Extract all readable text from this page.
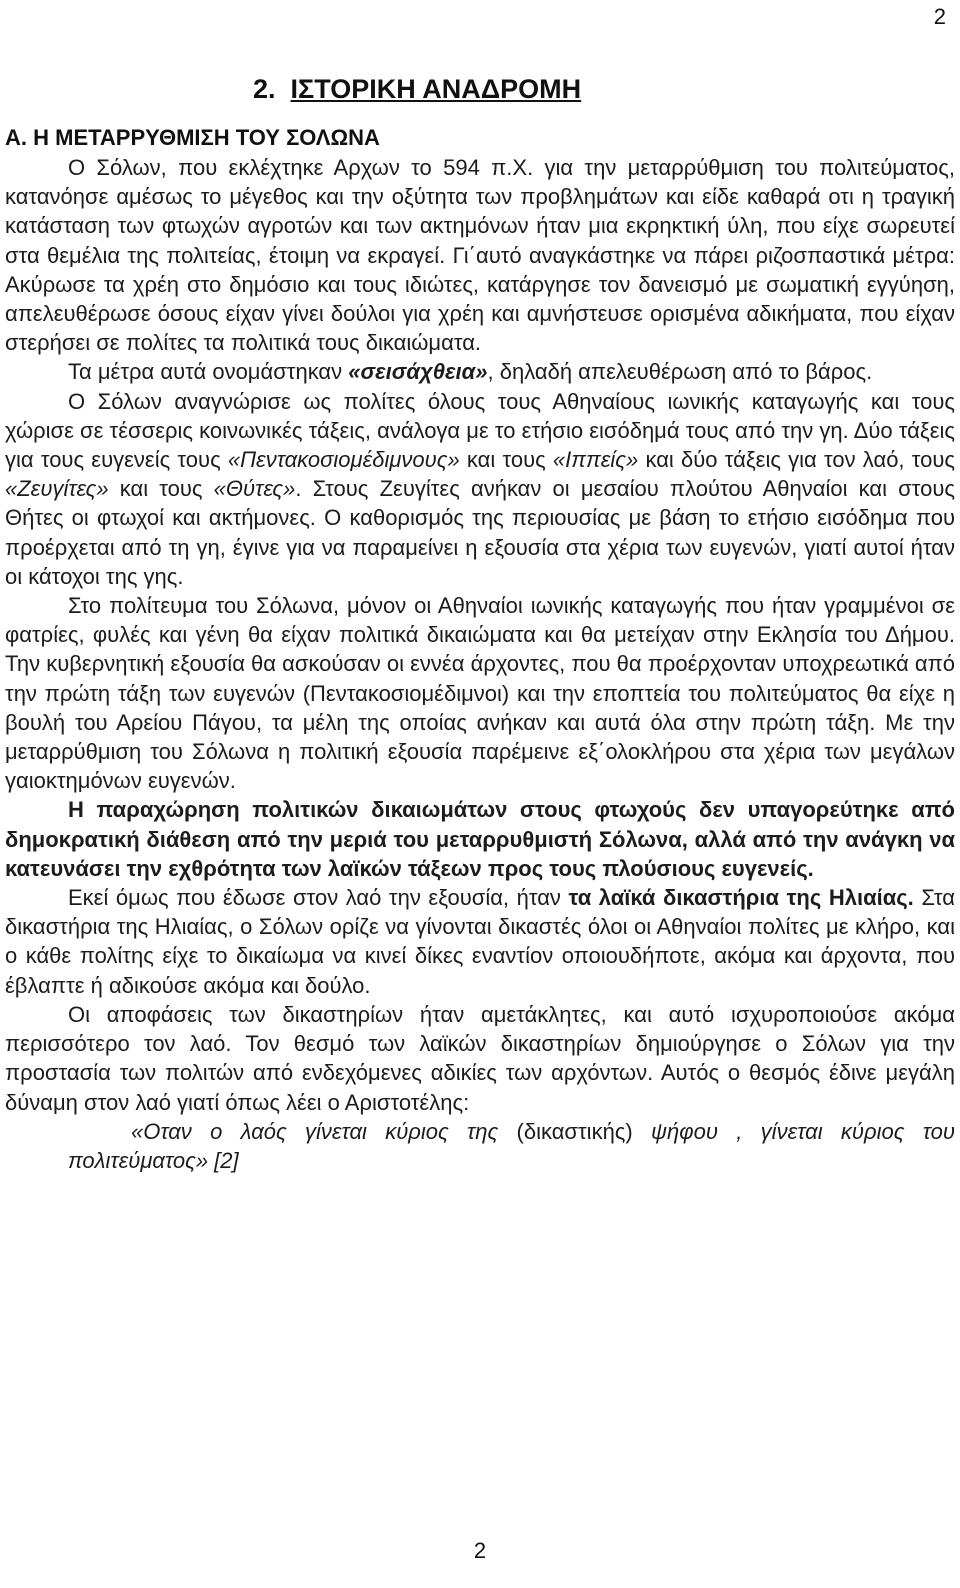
2
2. ΙΣΤΟΡΙΚΗ ΑΝΑΔΡΟΜΗ
Α. Η ΜΕΤΑΡΡΥΘΜΙΣΗ ΤΟΥ ΣΟΛΩΝΑ

Ο Σόλων, που εκλέχτηκε Αρχων το 594 π.Χ. για την μεταρρύθμιση του πολιτεύματος, κατανόησε αμέσως το μέγεθος και την οξύτητα των προβλημάτων και είδε καθαρά οτι η τραγική κατάσταση των φτωχών αγροτών και των ακτημόνων ήταν μια εκρηκτική ύλη, που είχε σωρευτεί στα θεμέλια της πολιτείας, έτοιμη να εκραγεί. Γι΄αυτό αναγκάστηκε να πάρει ριζοσπαστικά μέτρα: Ακύρωσε τα χρέη στο δημόσιο και τους ιδιώτες, κατάργησε τον δανεισμό με σωματική εγγύηση, απελευθέρωσε όσους είχαν γίνει δούλοι για χρέη και αμνήστευσε ορισμένα αδικήματα, που είχαν στερήσει σε πολίτες τα πολιτικά τους δικαιώματα.

Τα μέτρα αυτά ονομάστηκαν «σεισάχθεια», δηλαδή απελευθέρωση από το βάρος.

Ο Σόλων αναγνώρισε ως πολίτες όλους τους Αθηναίους ιωνικής καταγωγής και τους χώρισε σε τέσσερις κοινωνικές τάξεις, ανάλογα με το ετήσιο εισόδημά τους από την γη. Δύο τάξεις για τους ευγενείς τους «Πεντακοσιομέδιμνους» και τους «Ιππείς» και δύο τάξεις για τον λαό, τους «Ζευγίτες» και τους «Θύτες». Στους Ζευγίτες ανήκαν οι μεσαίου πλούτου Αθηναίοι και στους Θήτες οι φτωχοί και ακτήμονες. Ο καθορισμός της περιουσίας με βάση το ετήσιο εισόδημα που προέρχεται από τη γη, έγινε για να παραμείνει η εξουσία στα χέρια των ευγενών, γιατί αυτοί ήταν οι κάτοχοι της γης.

Στο πολίτευμα του Σόλωνα, μόνον οι Αθηναίοι ιωνικής καταγωγής που ήταν γραμμένοι σε φατρίες, φυλές και γένη θα είχαν πολιτικά δικαιώματα και θα μετείχαν στην Εκλησία του Δήμου. Την κυβερνητική εξουσία θα ασκούσαν οι εννέα άρχοντες, που θα προέρχονταν υποχρεωτικά από την πρώτη τάξη των ευγενών (Πεντακοσιομέδιμνοι) και την εποπτεία του πολιτεύματος θα είχε η βουλή του Αρείου Πάγου, τα μέλη της οποίας ανήκαν και αυτά όλα στην πρώτη τάξη. Με την μεταρρύθμιση του Σόλωνα η πολιτική εξουσία παρέμεινε εξ΄ολοκλήρου στα χέρια των μεγάλων γαιοκτημόνων ευγενών.

Η παραχώρηση πολιτικών δικαιωμάτων στους φτωχούς δεν υπαγορεύτηκε από δημοκρατική διάθεση από την μεριά του μεταρρυθμιστή Σόλωνα, αλλά από την ανάγκη να κατευνάσει την εχθρότητα των λαϊκών τάξεων προς τους πλούσιους ευγενείς.

Εκεί όμως που έδωσε στον λαό την εξουσία, ήταν τα λαϊκά δικαστήρια της Ηλιαίας. Στα δικαστήρια της Ηλιαίας, ο Σόλων ορίζε να γίνονται δικαστές όλοι οι Αθηναίοι πολίτες με κλήρο, και ο κάθε πολίτης είχε το δικαίωμα να κινεί δίκες εναντίον οποιουδήποτε, ακόμα και άρχοντα, που έβλαπτε ή αδικούσε ακόμα και δούλο.

Οι αποφάσεις των δικαστηρίων ήταν αμετάκλητες, και αυτό ισχυροποιούσε ακόμα περισσότερο τον λαό. Τον θεσμό των λαϊκών δικαστηρίων δημιούργησε ο Σόλων για την προστασία των πολιτών από ενδεχόμενες αδικίες των αρχόντων. Αυτός ο θεσμός έδινε μεγάλη δύναμη στον λαό γιατί όπως λέει ο Αριστοτέλης:

«Οταν ο λαός γίνεται κύριος της (δικαστικής) ψήφου , γίνεται κύριος του πολιτεύματος» [2]

2
